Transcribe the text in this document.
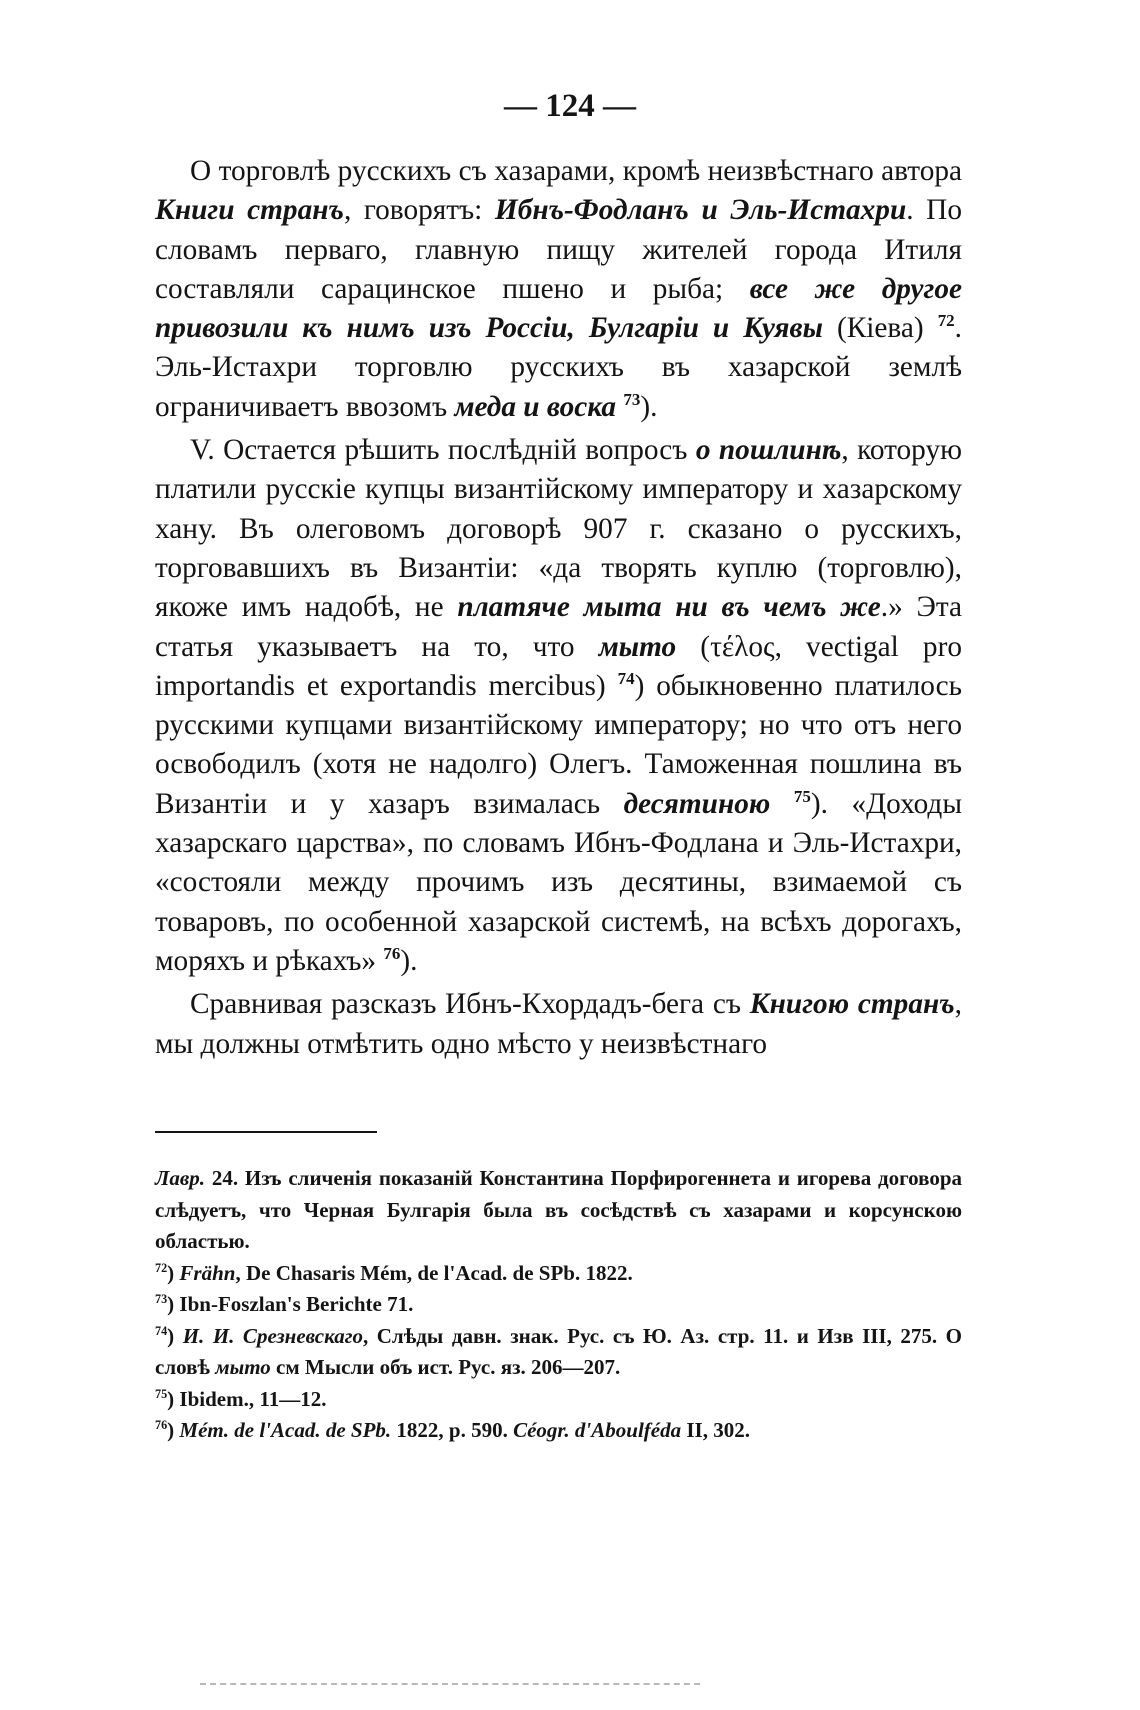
— 124 —

О торговлѣ русскихъ съ хазарами, кромѣ неизвѣстнаго автора Книги странъ, говорятъ: Ибнъ-Фодланъ и Эль-Истахри. По словамъ перваго, главную пищу жителей города Итиля составляли сарацинское пшено и рыба; все же другое привозили къ нимъ изъ Россіи, Булгаріи и Куявы (Кіева) $^{72}$. Эль-Истахри торговлю русскихъ въ хазарской землѣ ограничиваетъ ввозомъ меда и воска $^{73}$).

V. Остается рѣшить послѣдній вопросъ о пошлинѣ, которую платили русскіе купцы византійскому императору и хазарскому хану. Въ олеговомъ договорѣ 907 г. сказано о русскихъ, торговавшихъ въ Византіи: «да творять куплю (торговлю), якоже имъ надобѣ, не платяче мыта ни въ чемъ же.» Эта статья указываетъ на то, что мыто (τέλος, vectigal pro importandis et exportandis mercibus) $^{74}$) обыкновенно платилось русскими купцами византійскому императору; но что отъ него освободилъ (хотя не надолго) Олегъ. Таможенная пошлина въ Византіи и у хазаръ взималась десятиною $^{75}$). «Доходы хазарскаго царства», по словамъ Ибнъ-Фодлана и Эль-Истахри, «состояли между прочимъ изъ десятины, взимаемой съ товаровъ, по особенной хазарской системѣ, на всѣхъ дорогахъ, моряхъ и рѣкахъ» $^{76}$).

Сравнивая разсказъ Ибнъ-Кхордадъ-бега съ Книгою странъ, мы должны отмѣтить одно мѣсто у неизвѣстнаго

Лавр. 24. Изъ сличенія показаній Константина Порфирогеннета и игорева договора слѣдуетъ, что Черная Булгарія была въ сосѣдствѣ съ хазарами и корсунскою областью.

$^{72}$) Frähn, De Chasaris Mém, de l'Acad. de SPb. 1822.

$^{73}$) Ibn-Foszlan's Berichte 71.

$^{74}$) И. И. Срезневскаго, Слѣды давн. знак. Рус. съ Ю. Аз. стр. 11. и Изв III, 275. О словѣ мыто см Мысли объ ист. Рус. яз. 206—207.

$^{75}$) Ibidem., 11—12.

$^{76}$) Mém. de l'Acad. de SPb. 1822, p. 590. Céogr. d'Aboulféda II, 302.
